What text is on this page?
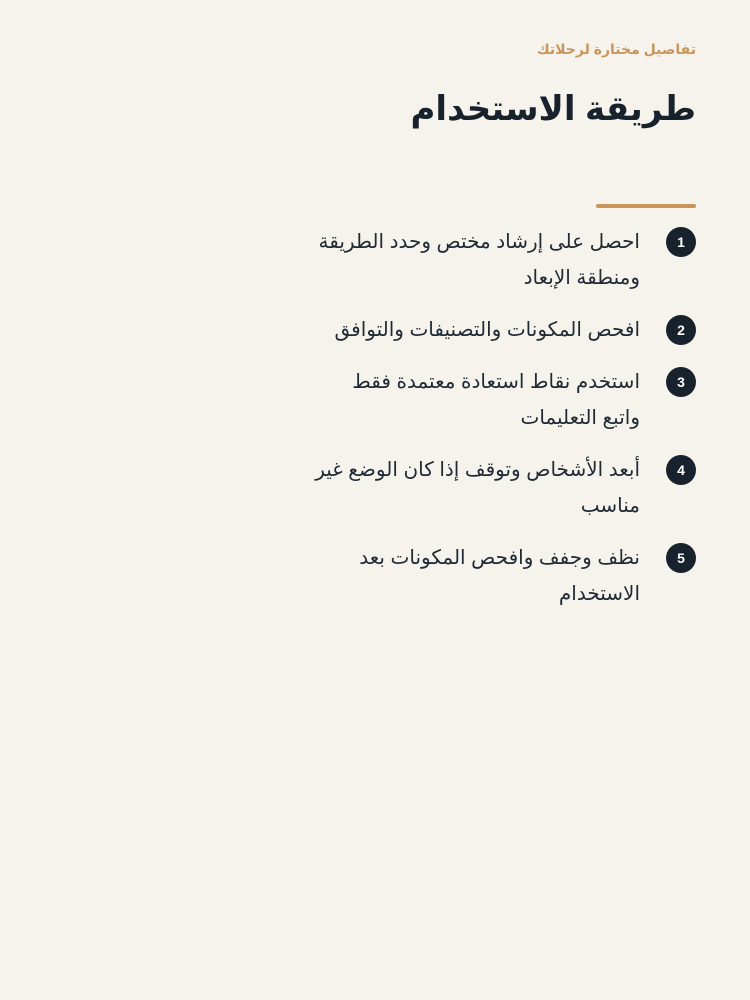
تفاصيل مختارة لرحلاتك
طريقة الاستخدام
1
احصل على إرشاد مختص وحدد الطريقة ومنطقة الإبعاد
2
افحص المكونات والتصنيفات والتوافق
3
استخدم نقاط استعادة معتمدة فقط واتبع التعليمات
4
أبعد الأشخاص وتوقف إذا كان الوضع غير مناسب
5
نظف وجفف وافحص المكونات بعد الاستخدام
